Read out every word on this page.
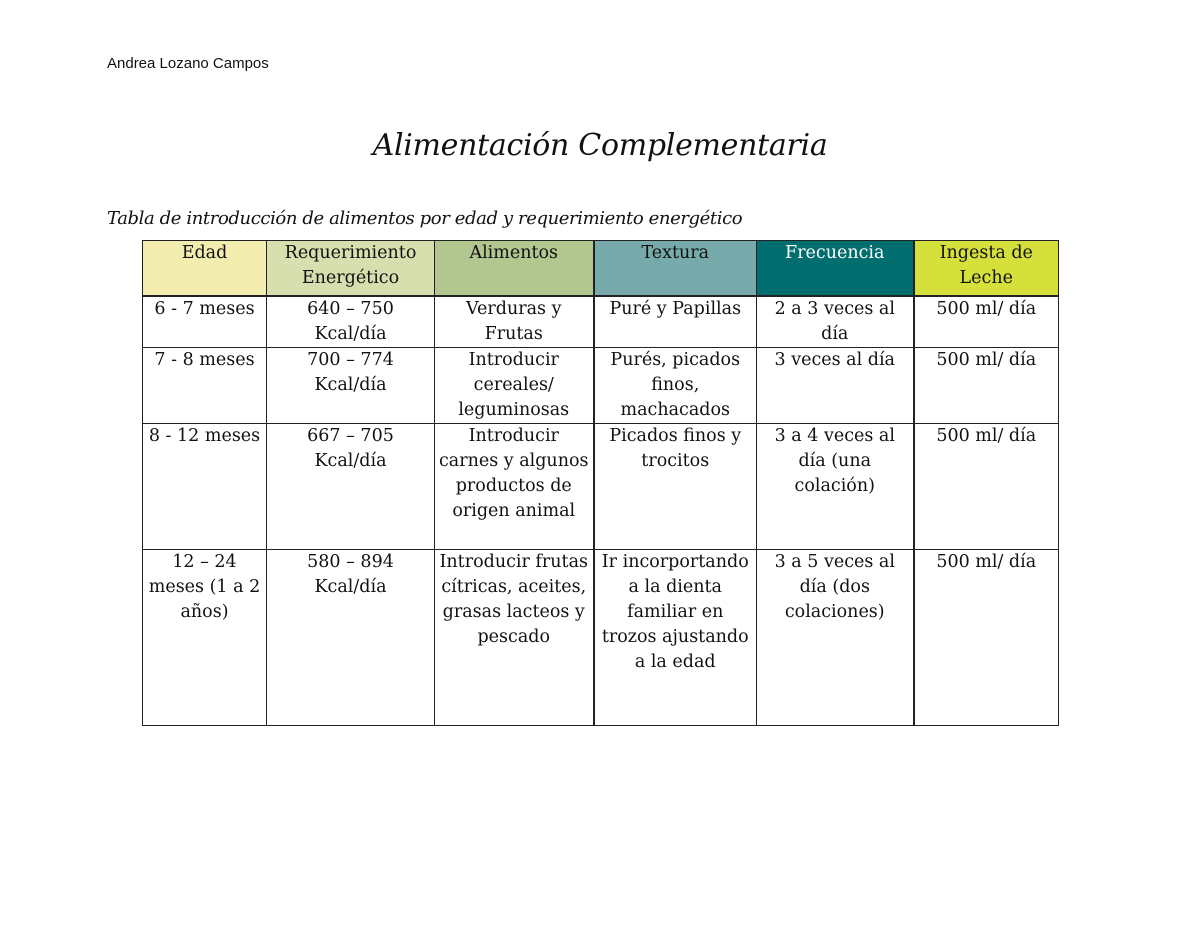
Andrea Lozano Campos
Alimentación Complementaria
Tabla de introducción de alimentos por edad y requerimiento energético
Edad	Requerimiento Energético	Alimentos	Textura	Frecuencia	Ingesta de Leche
6 - 7 meses	640 – 750 Kcal/día	Verduras y Frutas	Puré y Papillas	2 a 3 veces al día	500 ml/ día
7 - 8 meses	700 – 774 Kcal/día	Introducir cereales/ leguminosas	Purés, picados finos, machacados	3 veces al día	500 ml/ día
8 - 12 meses	667 – 705 Kcal/día	Introducir carnes y algunos productos de origen animal	Picados finos y trocitos	3 a 4 veces al día (una colación)	500 ml/ día
12 – 24 meses (1 a 2 años)	580 – 894 Kcal/día	Introducir frutas cítricas, aceites, grasas lacteos y pescado	Ir incorportando a la dienta familiar en trozos ajustando a la edad	3 a 5 veces al día (dos colaciones)	500 ml/ día
